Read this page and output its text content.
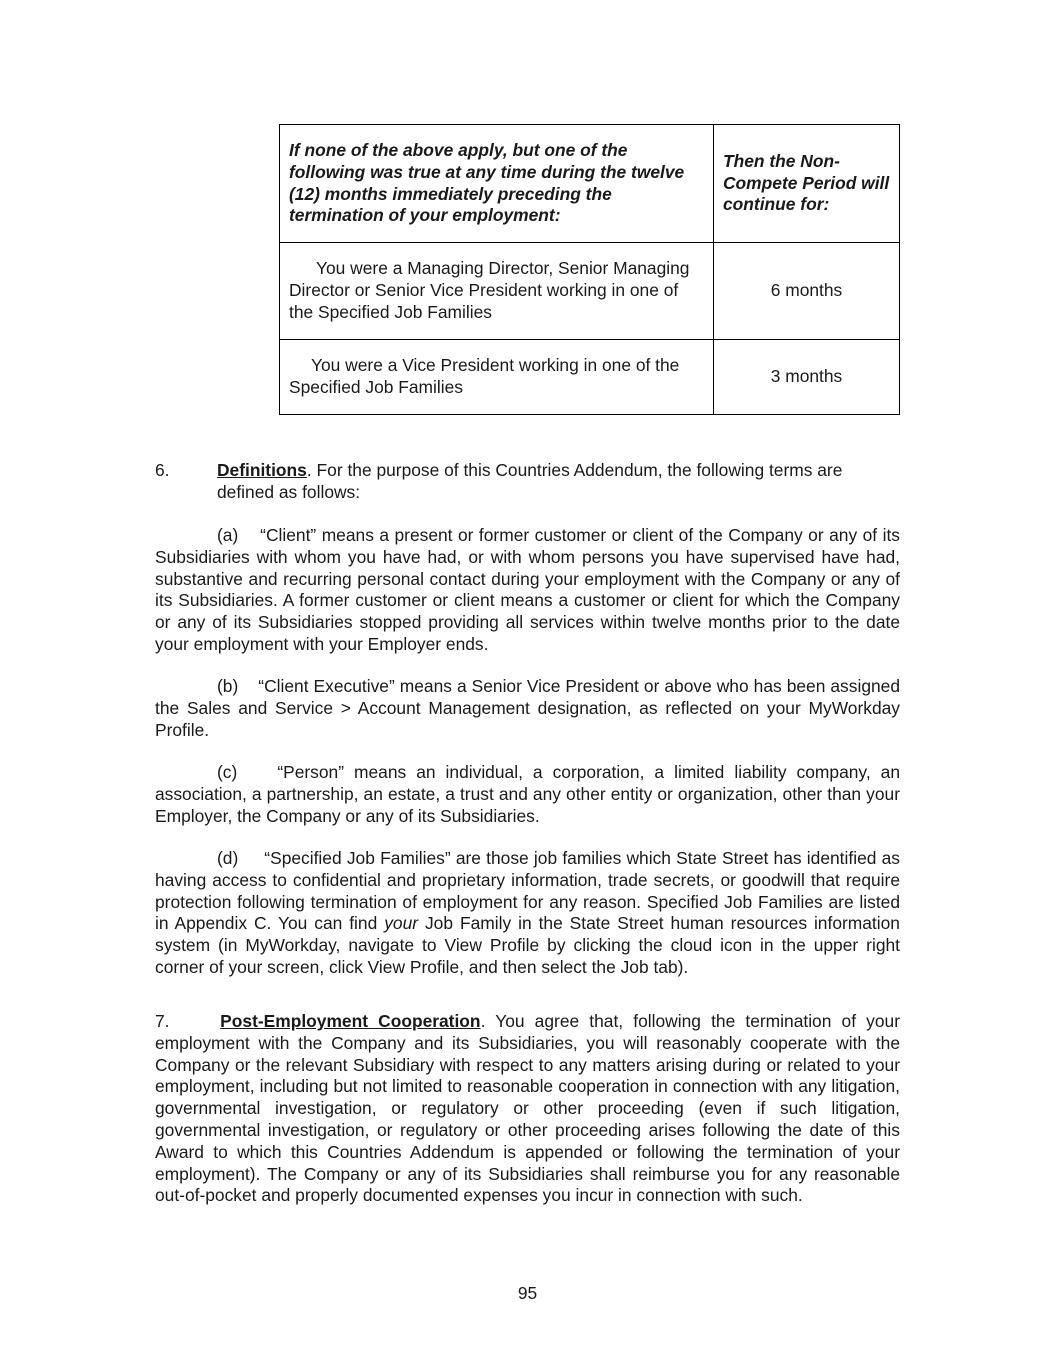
If none of the above apply, but one of the following was true at any time during the twelve (12) months immediately preceding the termination of your employment:	Then the Non-Compete Period will continue for:
You were a Managing Director, Senior Managing Director or Senior Vice President working in one of the Specified Job Families	6 months
You were a Vice President working in one of the Specified Job Families	3 months
6.	Definitions. For the purpose of this Countries Addendum, the following terms are defined as follows:
(a) “Client” means a present or former customer or client of the Company or any of its Subsidiaries with whom you have had, or with whom persons you have supervised have had, substantive and recurring personal contact during your employment with the Company or any of its Subsidiaries. A former customer or client means a customer or client for which the Company or any of its Subsidiaries stopped providing all services within twelve months prior to the date your employment with your Employer ends.
(b) “Client Executive” means a Senior Vice President or above who has been assigned the Sales and Service > Account Management designation, as reflected on your MyWorkday Profile.
(c) “Person” means an individual, a corporation, a limited liability company, an association, a partnership, an estate, a trust and any other entity or organization, other than your Employer, the Company or any of its Subsidiaries.
(d) “Specified Job Families” are those job families which State Street has identified as having access to confidential and proprietary information, trade secrets, or goodwill that require protection following termination of employment for any reason. Specified Job Families are listed in Appendix C. You can find your Job Family in the State Street human resources information system (in MyWorkday, navigate to View Profile by clicking the cloud icon in the upper right corner of your screen, click View Profile, and then select the Job tab).
7.	Post-Employment Cooperation. You agree that, following the termination of your employment with the Company and its Subsidiaries, you will reasonably cooperate with the Company or the relevant Subsidiary with respect to any matters arising during or related to your employment, including but not limited to reasonable cooperation in connection with any litigation, governmental investigation, or regulatory or other proceeding (even if such litigation, governmental investigation, or regulatory or other proceeding arises following the date of this Award to which this Countries Addendum is appended or following the termination of your employment). The Company or any of its Subsidiaries shall reimburse you for any reasonable out-of-pocket and properly documented expenses you incur in connection with such.
95
